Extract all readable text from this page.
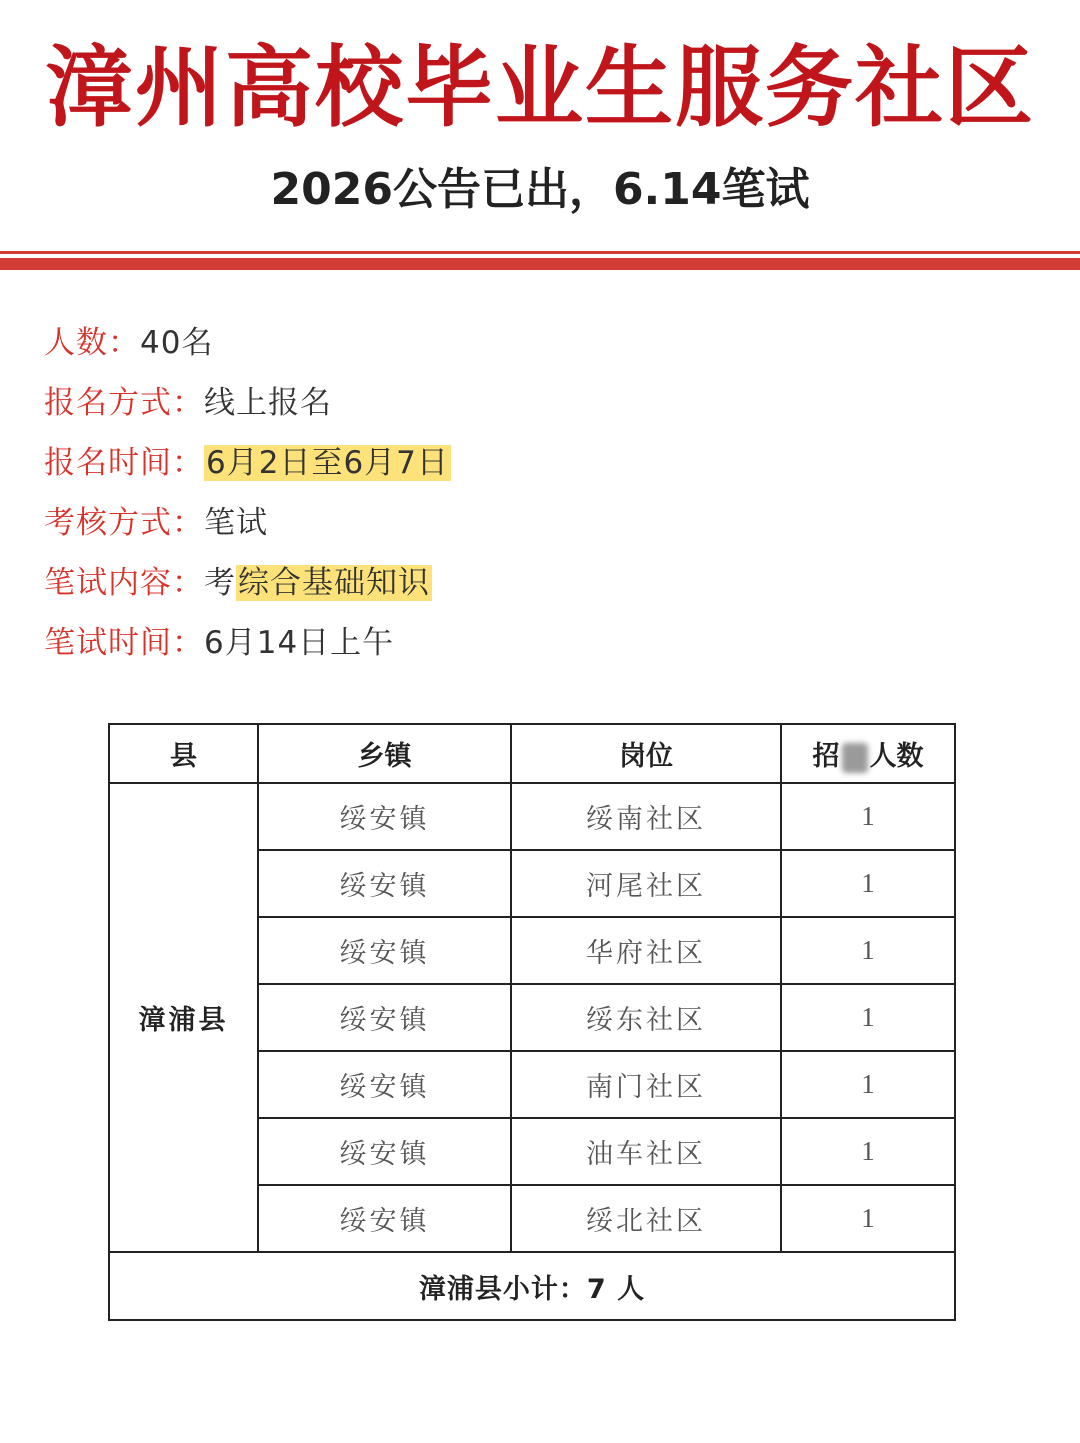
漳州高校毕业生服务社区
2026公告已出，6.14笔试
人数：40名
报名方式：线上报名
报名时间：6月2日至6月7日
考核方式：笔试
笔试内容：考综合基础知识
笔试时间：6月14日上午
县	乡镇	岗位	招 人数
漳浦县	绥安镇	绥南社区	1
	绥安镇	河尾社区	1
	绥安镇	华府社区	1
	绥安镇	绥东社区	1
	绥安镇	南门社区	1
	绥安镇	油车社区	1
	绥安镇	绥北社区	1
漳浦县小计：7 人			
